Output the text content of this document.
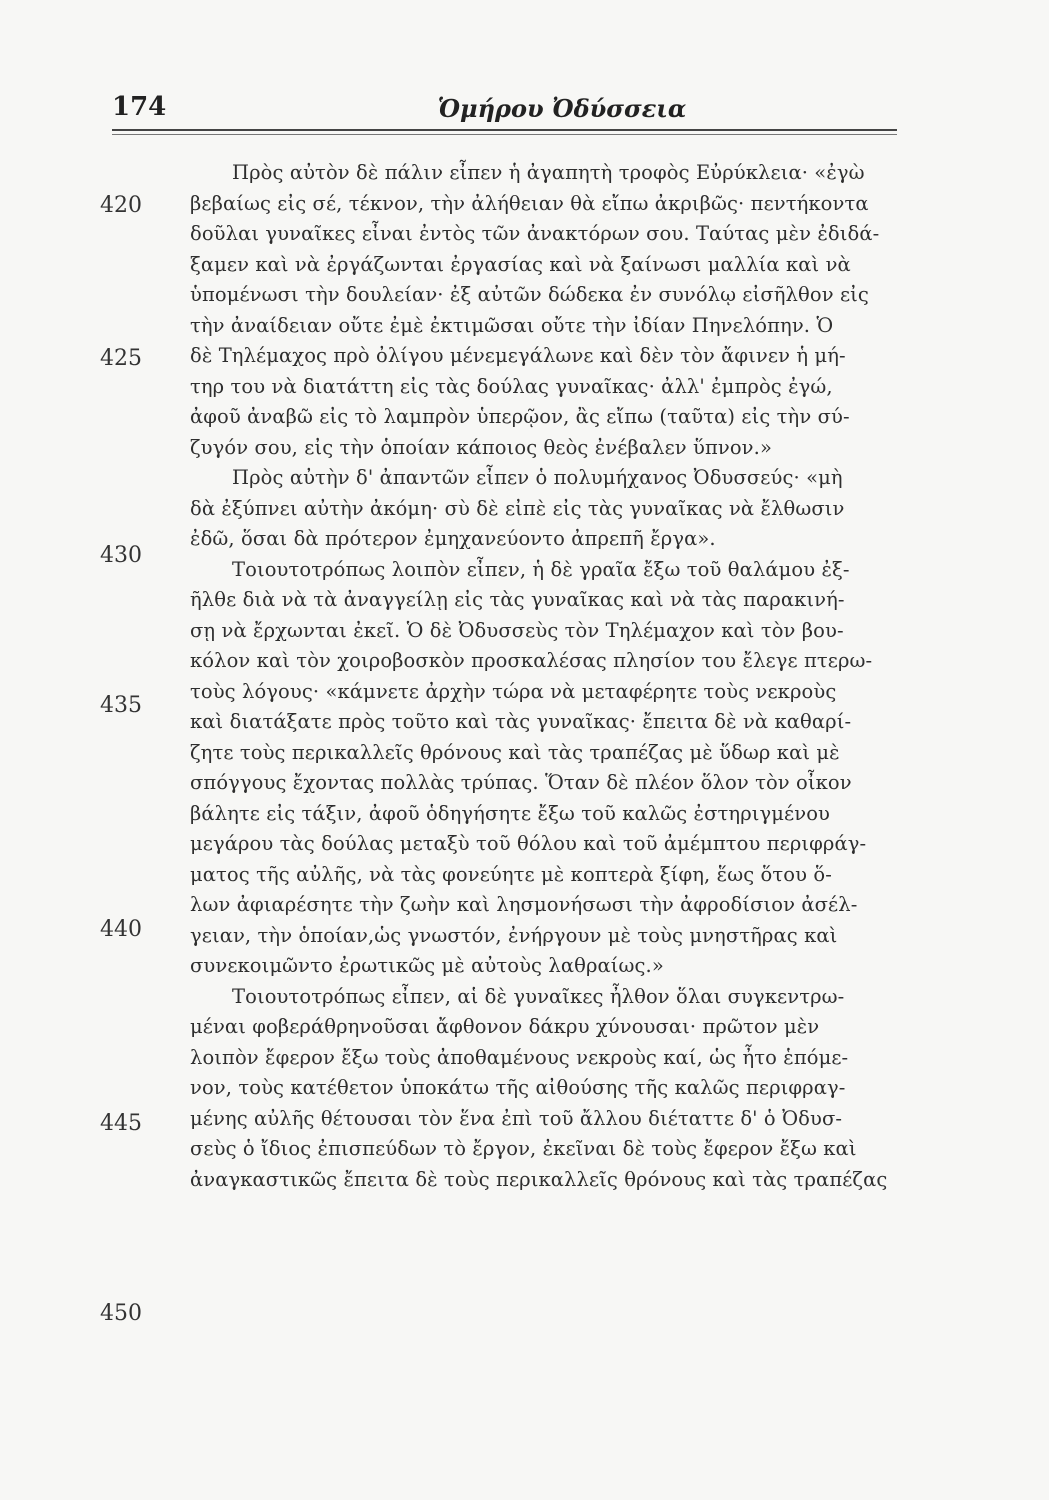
174	Ὁμήρου Ὀδύσσεια
420
425
430
435
440
445
450
Πρὸς αὐτὸν δὲ πάλιν εἶπεν ἡ ἀγαπητὴ τροφὸς Εὐρύκλεια· «ἐγὼ
βεβαίως εἰς σέ, τέκνον, τὴν ἀλήθειαν θὰ εἴπω ἀκριβῶς· πεντήκοντα
δοῦλαι γυναῖκες εἶναι ἐντὸς τῶν ἀνακτόρων σου. Ταύτας μὲν ἐδιδά-
ξαμεν καὶ νὰ ἐργάζωνται ἐργασίας καὶ νὰ ξαίνωσι μαλλία καὶ νὰ
ὑπομένωσι τὴν δουλείαν· ἐξ αὐτῶν δώδεκα ἐν συνόλῳ εἰσῆλθον εἰς
τὴν ἀναίδειαν οὔτε ἐμὲ ἐκτιμῶσαι οὔτε τὴν ἰδίαν Πηνελόπην. Ὁ
δὲ Τηλέμαχος πρὸ ὀλίγου μένεμεγάλωνε καὶ δὲν τὸν ἄφινεν ἡ μή-
τηρ του νὰ διατάττη εἰς τὰς δούλας γυναῖκας· ἀλλ' ἐμπρὸς ἐγώ,
ἀφοῦ ἀναβῶ εἰς τὸ λαμπρὸν ὑπερῷον, ἂς εἴπω (ταῦτα) εἰς τὴν σύ-
ζυγόν σου, εἰς τὴν ὁποίαν κάποιος θεὸς ἐνέβαλεν ὕπνον.»
Πρὸς αὐτὴν δ' ἀπαντῶν εἶπεν ὁ πολυμήχανος Ὀδυσσεύς· «μὴ
δὰ ἐξύπνει αὐτὴν ἀκόμη· σὺ δὲ εἰπὲ εἰς τὰς γυναῖκας νὰ ἔλθωσιν
ἐδῶ, ὅσαι δὰ πρότερον ἐμηχανεύοντο ἀπρεπῆ ἔργα».
Τοιουτοτρόπως λοιπὸν εἶπεν, ἡ δὲ γραῖα ἔξω τοῦ θαλάμου ἐξ-
ῆλθε διὰ νὰ τὰ ἀναγγείλῃ εἰς τὰς γυναῖκας καὶ νὰ τὰς παρακινή-
σῃ νὰ ἔρχωνται ἐκεῖ. Ὁ δὲ Ὀδυσσεὺς τὸν Τηλέμαχον καὶ τὸν βου-
κόλον καὶ τὸν χοιροβοσκὸν προσκαλέσας πλησίον του ἔλεγε πτερω-
τοὺς λόγους· «κάμνετε ἀρχὴν τώρα νὰ μεταφέρητε τοὺς νεκροὺς
καὶ διατάξατε πρὸς τοῦτο καὶ τὰς γυναῖκας· ἔπειτα δὲ νὰ καθαρί-
ζητε τοὺς περικαλλεῖς θρόνους καὶ τὰς τραπέζας μὲ ὕδωρ καὶ μὲ
σπόγγους ἔχοντας πολλὰς τρύπας. Ὅταν δὲ πλέον ὅλον τὸν οἶκον
βάλητε εἰς τάξιν, ἀφοῦ ὁδηγήσητε ἔξω τοῦ καλῶς ἐστηριγμένου
μεγάρου τὰς δούλας μεταξὺ τοῦ θόλου καὶ τοῦ ἀμέμπτου περιφράγ-
ματος τῆς αὐλῆς, νὰ τὰς φονεύητε μὲ κοπτερὰ ξίφη, ἕως ὅτου ὅ-
λων ἀφιαρέσητε τὴν ζωὴν καὶ λησμονήσωσι τὴν ἀφροδίσιον ἀσέλ-
γειαν, τὴν ὁποίαν,ὡς γνωστόν, ἐνήργουν μὲ τοὺς μνηστῆρας καὶ
συνεκοιμῶντο ἐρωτικῶς μὲ αὐτοὺς λαθραίως.»
Τοιουτοτρόπως εἶπεν, αἱ δὲ γυναῖκες ἦλθον ὅλαι συγκεντρω-
μέναι φοβεράθρηνοῦσαι ἄφθονον δάκρυ χύνουσαι· πρῶτον μὲν
λοιπὸν ἔφερον ἔξω τοὺς ἀποθαμένους νεκροὺς καί, ὡς ἦτο ἑπόμε-
νον, τοὺς κατέθετον ὑποκάτω τῆς αἰθούσης τῆς καλῶς περιφραγ-
μένης αὐλῆς θέτουσαι τὸν ἕνα ἐπὶ τοῦ ἄλλου διέταττε δ' ὁ Ὀδυσ-
σεὺς ὁ ἴδιος ἐπισπεύδων τὸ ἔργον, ἐκεῖναι δὲ τοὺς ἔφερον ἔξω καὶ
ἀναγκαστικῶς ἔπειτα δὲ τοὺς περικαλλεῖς θρόνους καὶ τὰς τραπέζας
